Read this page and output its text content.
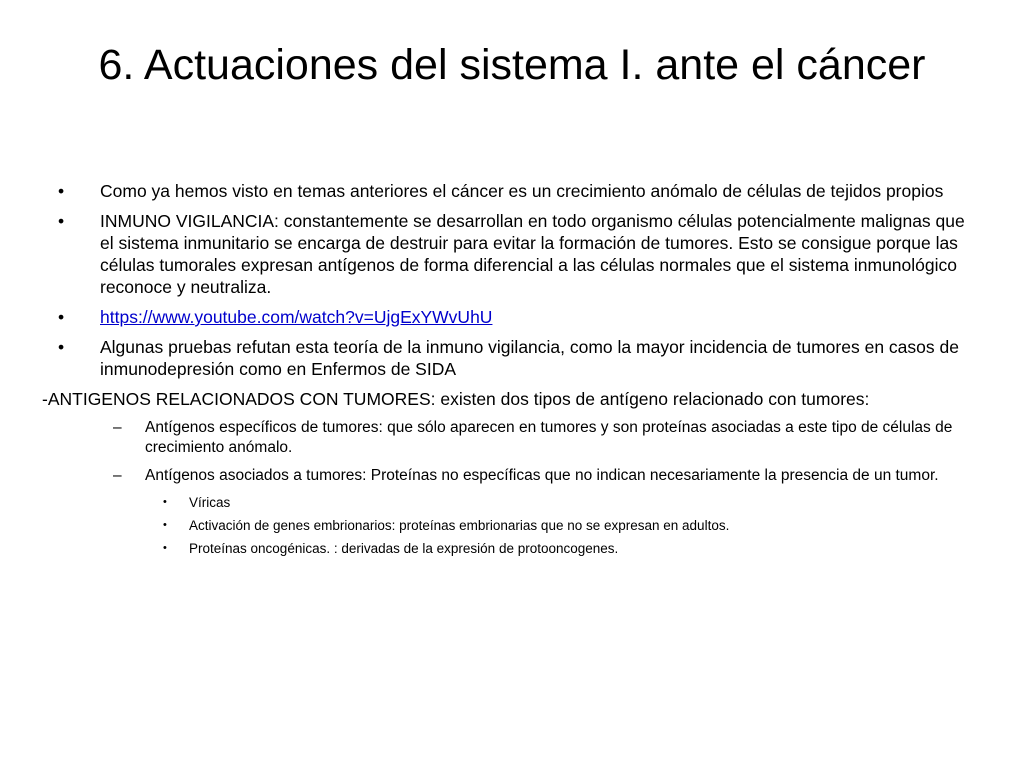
6. Actuaciones del sistema I. ante el cáncer
• Como ya hemos visto en temas anteriores el cáncer es un crecimiento anómalo de células de tejidos propios
• INMUNO VIGILANCIA: constantemente se desarrollan en todo organismo células potencialmente malignas que el sistema inmunitario se encarga de destruir para evitar la formación de tumores. Esto se consigue porque las células tumorales expresan antígenos de forma diferencial a las células normales que el sistema inmunológico reconoce y neutraliza.
• https://www.youtube.com/watch?v=UjgExYWvUhU
• Algunas pruebas refutan esta teoría de la inmuno vigilancia, como la mayor incidencia de tumores en casos de inmunodepresión como en Enfermos de SIDA
-ANTIGENOS RELACIONADOS CON TUMORES: existen dos tipos de antígeno relacionado con tumores:
– Antígenos específicos de tumores: que sólo aparecen en tumores y son proteínas asociadas a este tipo de células de crecimiento anómalo.
– Antígenos asociados a tumores: Proteínas no específicas que no indican necesariamente la presencia de un tumor.
• Víricas
• Activación de genes embrionarios: proteínas embrionarias que no se expresan en adultos.
• Proteínas oncogénicas. : derivadas de la expresión de protooncogenes.
